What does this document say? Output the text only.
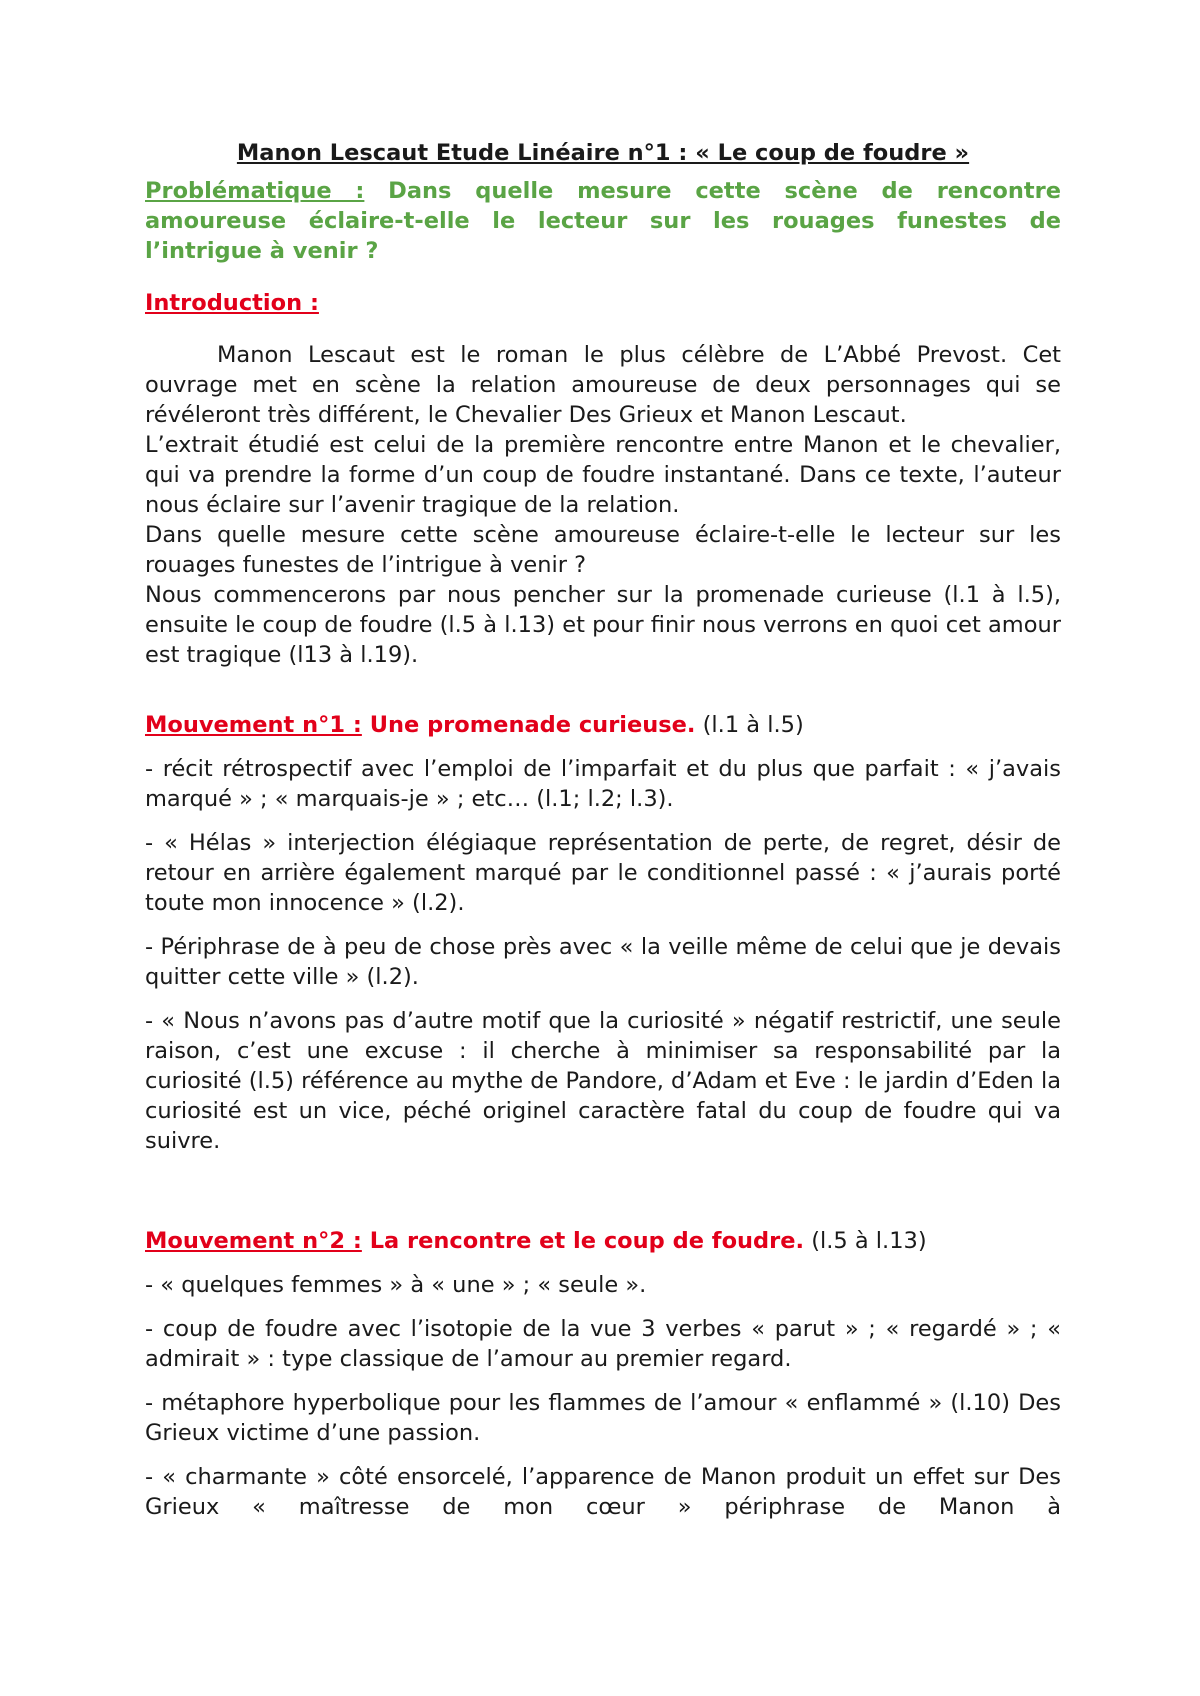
Manon Lescaut Etude Linéaire n°1 : « Le coup de foudre »

Problématique : Dans quelle mesure cette scène de rencontre amoureuse éclaire-t-elle le lecteur sur les rouages funestes de l’intrigue à venir ?

Introduction :

Manon Lescaut est le roman le plus célèbre de L’Abbé Prevost. Cet ouvrage met en scène la relation amoureuse de deux personnages qui se révéleront très différent, le Chevalier Des Grieux et Manon Lescaut.

L’extrait étudié est celui de la première rencontre entre Manon et le chevalier, qui va prendre la forme d’un coup de foudre instantané. Dans ce texte, l’auteur nous éclaire sur l’avenir tragique de la relation.

Dans quelle mesure cette scène amoureuse éclaire-t-elle le lecteur sur les rouages funestes de l’intrigue à venir ?

Nous commencerons par nous pencher sur la promenade curieuse (l.1 à l.5), ensuite le coup de foudre (l.5 à l.13) et pour finir nous verrons en quoi cet amour est tragique (l13 à l.19).

Mouvement n°1 : Une promenade curieuse. (l.1 à l.5)

- récit rétrospectif avec l’emploi de l’imparfait et du plus que parfait : « j’avais marqué » ; « marquais-je » ; etc… (l.1; l.2; l.3).

- « Hélas » interjection élégiaque représentation de perte, de regret, désir de retour en arrière également marqué par le conditionnel passé : « j’aurais porté toute mon innocence » (l.2).

- Périphrase de à peu de chose près avec « la veille même de celui que je devais quitter cette ville » (l.2).

- « Nous n’avons pas d’autre motif que la curiosité » négatif restrictif, une seule raison, c’est une excuse : il cherche à minimiser sa responsabilité par la curiosité (l.5) référence au mythe de Pandore, d’Adam et Eve : le jardin d’Eden la curiosité est un vice, péché originel caractère fatal du coup de foudre qui va suivre.

Mouvement n°2 : La rencontre et le coup de foudre. (l.5 à l.13)

- « quelques femmes » à « une » ; « seule ».

- coup de foudre avec l’isotopie de la vue 3 verbes « parut » ; « regardé » ; « admirait » : type classique de l’amour au premier regard.

- métaphore hyperbolique pour les flammes de l’amour « enflammé » (l.10) Des Grieux victime d’une passion.

- « charmante » côté ensorcelé, l’apparence de Manon produit un effet sur Des Grieux « maîtresse de mon cœur » périphrase de Manon à
